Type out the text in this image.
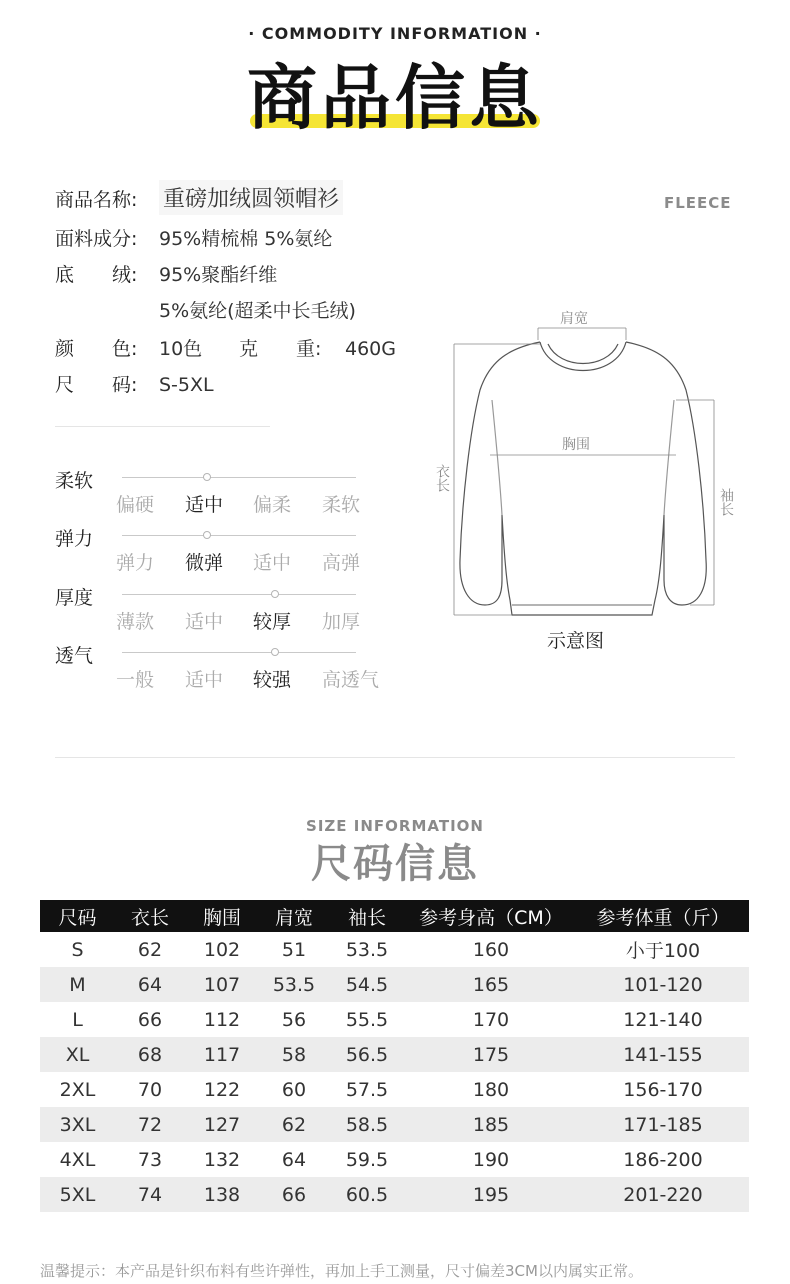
· COMMODITY INFORMATION ·
商品信息
商品名称: 重磅加绒圆领帽衫
面料成分: 95%精梳棉 5%氨纶
底　　绒: 95%聚酯纤维
5%氨纶(超柔中长毛绒)
颜　　色: 10色 克　　重: 460G
尺　　码: S-5XL
FLEECE
柔软
偏硬 适中 偏柔 柔软
弹力
弹力 微弹 适中 高弹
厚度
薄款 适中 较厚 加厚
透气
一般 适中 较强 高透气
肩宽
胸围
衣长
袖长
示意图
SIZE INFORMATION
尺码信息
尺码	衣长	胸围	肩宽	袖长	参考身高（CM）	参考体重（斤）
S	62	102	51	53.5	160	小于100
M	64	107	53.5	54.5	165	101-120
L	66	112	56	55.5	170	121-140
XL	68	117	58	56.5	175	141-155
2XL	70	122	60	57.5	180	156-170
3XL	72	127	62	58.5	185	171-185
4XL	73	132	64	59.5	190	186-200
5XL	74	138	66	60.5	195	201-220
温馨提示：本产品是针织布料有些许弹性，再加上手工测量，尺寸偏差3CM以内属实正常。
